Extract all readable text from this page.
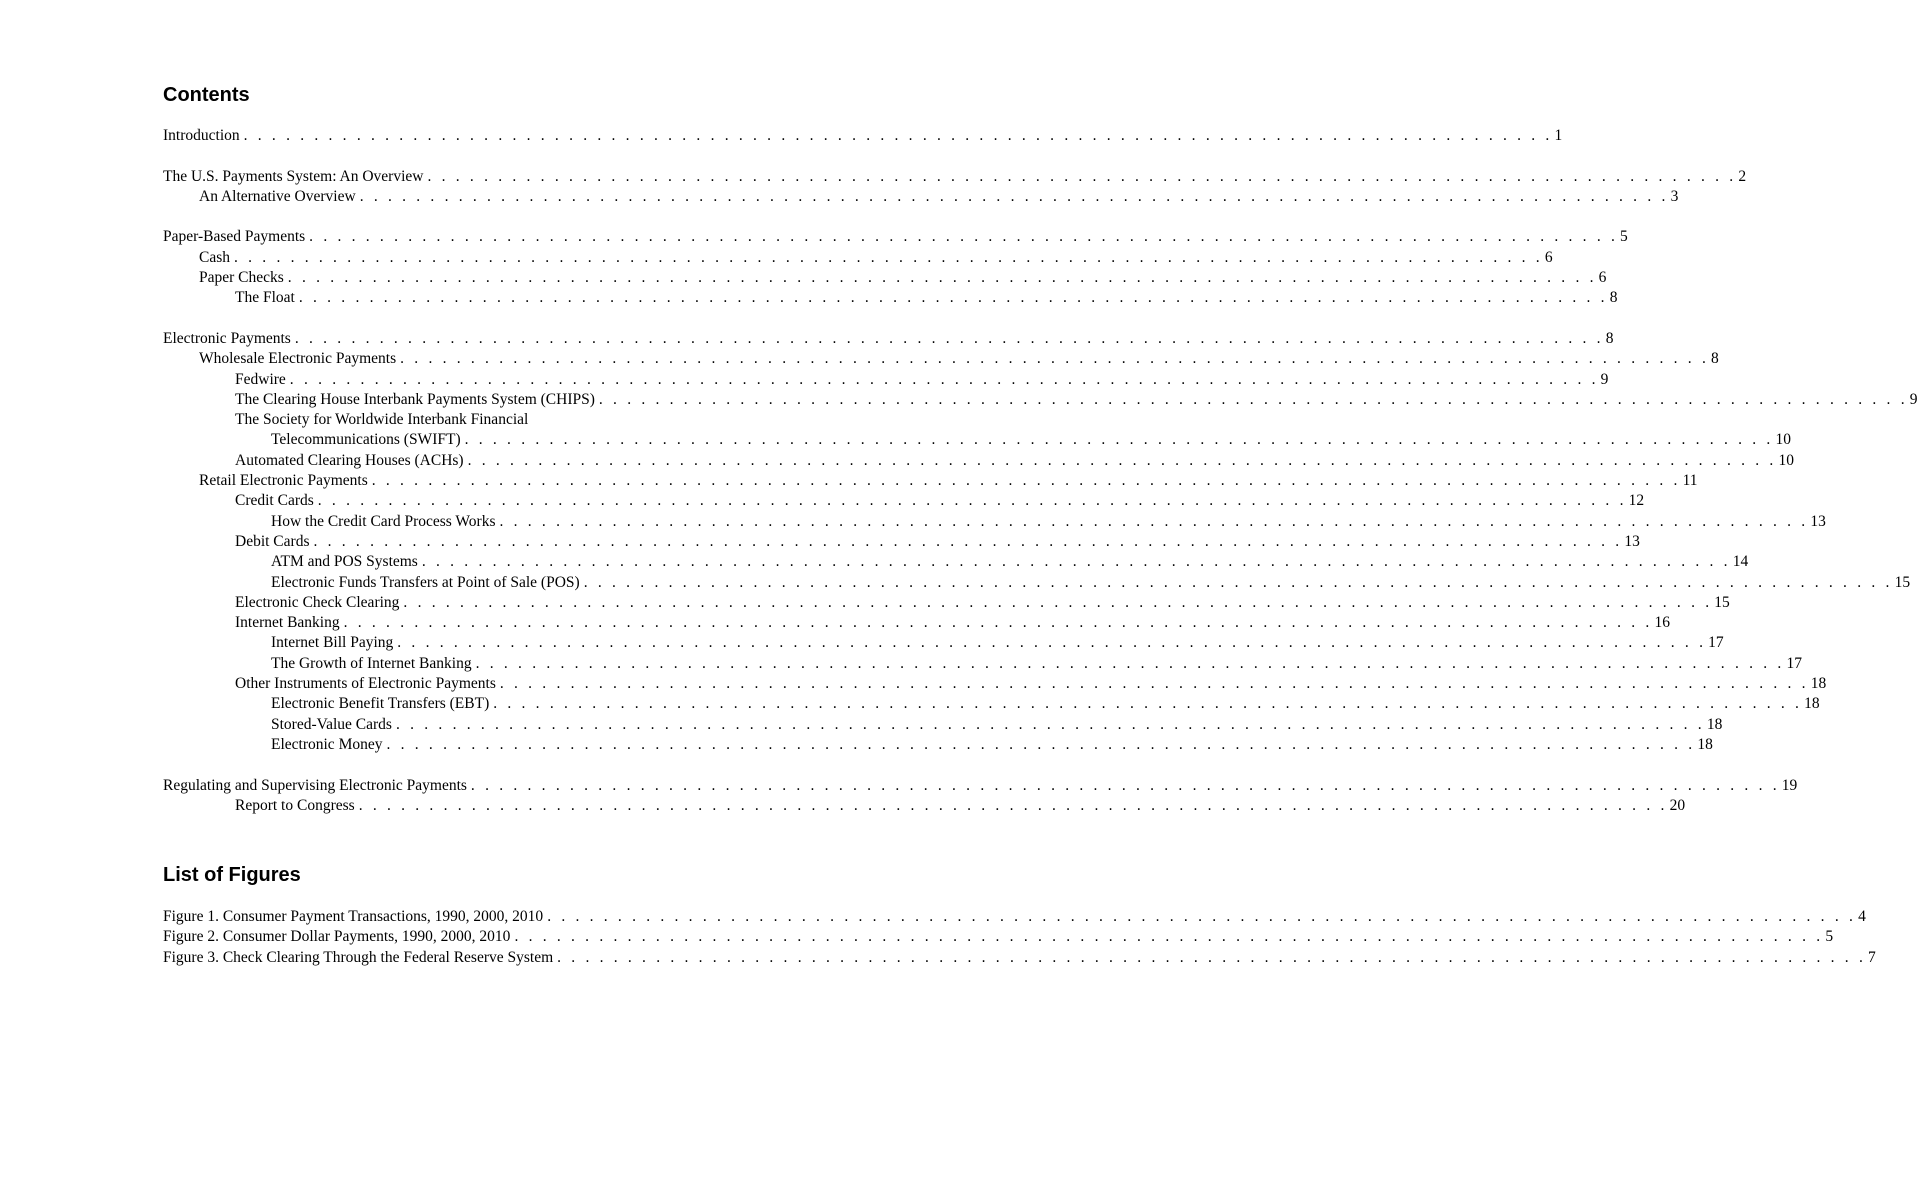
Contents
Introduction . . . . . . . . . . . . . . . . . . . . . . . . . . . . . . . . . . . . . . . . . . . . . . . . . . . . . . . . . . . . . . . . . . . . . . . . . . . . . . . . . . . . . . . . . . . . . 1
The U.S. Payments System: An Overview . . . . . . . . . . . . . . . . . . . . . . . . . . . . . . . . . . . . . . . . . . . . . . . . . . . . . . . . . . . . . . . . . . . . . . . . . . . . . . . . . . . . . . . . . . . . . 2
An Alternative Overview . . . . . . . . . . . . . . . . . . . . . . . . . . . . . . . . . . . . . . . . . . . . . . . . . . . . . . . . . . . . . . . . . . . . . . . . . . . . . . . . . . . . . . . . . . . . . 3
Paper-Based Payments . . . . . . . . . . . . . . . . . . . . . . . . . . . . . . . . . . . . . . . . . . . . . . . . . . . . . . . . . . . . . . . . . . . . . . . . . . . . . . . . . . . . . . . . . . . . . 5
Cash . . . . . . . . . . . . . . . . . . . . . . . . . . . . . . . . . . . . . . . . . . . . . . . . . . . . . . . . . . . . . . . . . . . . . . . . . . . . . . . . . . . . . . . . . . . . . 6
Paper Checks . . . . . . . . . . . . . . . . . . . . . . . . . . . . . . . . . . . . . . . . . . . . . . . . . . . . . . . . . . . . . . . . . . . . . . . . . . . . . . . . . . . . . . . . . . . . . 6
The Float . . . . . . . . . . . . . . . . . . . . . . . . . . . . . . . . . . . . . . . . . . . . . . . . . . . . . . . . . . . . . . . . . . . . . . . . . . . . . . . . . . . . . . . . . . . . . 8
Electronic Payments . . . . . . . . . . . . . . . . . . . . . . . . . . . . . . . . . . . . . . . . . . . . . . . . . . . . . . . . . . . . . . . . . . . . . . . . . . . . . . . . . . . . . . . . . . . . . 8
Wholesale Electronic Payments . . . . . . . . . . . . . . . . . . . . . . . . . . . . . . . . . . . . . . . . . . . . . . . . . . . . . . . . . . . . . . . . . . . . . . . . . . . . . . . . . . . . . . . . . . . . . 8
Fedwire . . . . . . . . . . . . . . . . . . . . . . . . . . . . . . . . . . . . . . . . . . . . . . . . . . . . . . . . . . . . . . . . . . . . . . . . . . . . . . . . . . . . . . . . . . . . . 9
The Clearing House Interbank Payments System (CHIPS) . . . . . . . . . . . . . . . . . . . . . . . . . . . . . . . . . . . . . . . . . . . . . . . . . . . . . . . . . . . . . . . . . . . . . . . . . . . . . . . . . . . . . . . . . . . . . 9
The Society for Worldwide Interbank Financial
Telecommunications (SWIFT) . . . . . . . . . . . . . . . . . . . . . . . . . . . . . . . . . . . . . . . . . . . . . . . . . . . . . . . . . . . . . . . . . . . . . . . . . . . . . . . . . . . . . . . . . . . . . 10
Automated Clearing Houses (ACHs) . . . . . . . . . . . . . . . . . . . . . . . . . . . . . . . . . . . . . . . . . . . . . . . . . . . . . . . . . . . . . . . . . . . . . . . . . . . . . . . . . . . . . . . . . . . . . 10
Retail Electronic Payments . . . . . . . . . . . . . . . . . . . . . . . . . . . . . . . . . . . . . . . . . . . . . . . . . . . . . . . . . . . . . . . . . . . . . . . . . . . . . . . . . . . . . . . . . . . . . 11
Credit Cards . . . . . . . . . . . . . . . . . . . . . . . . . . . . . . . . . . . . . . . . . . . . . . . . . . . . . . . . . . . . . . . . . . . . . . . . . . . . . . . . . . . . . . . . . . . . . 12
How the Credit Card Process Works . . . . . . . . . . . . . . . . . . . . . . . . . . . . . . . . . . . . . . . . . . . . . . . . . . . . . . . . . . . . . . . . . . . . . . . . . . . . . . . . . . . . . . . . . . . . . 13
Debit Cards . . . . . . . . . . . . . . . . . . . . . . . . . . . . . . . . . . . . . . . . . . . . . . . . . . . . . . . . . . . . . . . . . . . . . . . . . . . . . . . . . . . . . . . . . . . . . 13
ATM and POS Systems . . . . . . . . . . . . . . . . . . . . . . . . . . . . . . . . . . . . . . . . . . . . . . . . . . . . . . . . . . . . . . . . . . . . . . . . . . . . . . . . . . . . . . . . . . . . . 14
Electronic Funds Transfers at Point of Sale (POS) . . . . . . . . . . . . . . . . . . . . . . . . . . . . . . . . . . . . . . . . . . . . . . . . . . . . . . . . . . . . . . . . . . . . . . . . . . . . . . . . . . . . . . . . . . . . . 15
Electronic Check Clearing . . . . . . . . . . . . . . . . . . . . . . . . . . . . . . . . . . . . . . . . . . . . . . . . . . . . . . . . . . . . . . . . . . . . . . . . . . . . . . . . . . . . . . . . . . . . . 15
Internet Banking . . . . . . . . . . . . . . . . . . . . . . . . . . . . . . . . . . . . . . . . . . . . . . . . . . . . . . . . . . . . . . . . . . . . . . . . . . . . . . . . . . . . . . . . . . . . . 16
Internet Bill Paying . . . . . . . . . . . . . . . . . . . . . . . . . . . . . . . . . . . . . . . . . . . . . . . . . . . . . . . . . . . . . . . . . . . . . . . . . . . . . . . . . . . . . . . . . . . . . 17
The Growth of Internet Banking . . . . . . . . . . . . . . . . . . . . . . . . . . . . . . . . . . . . . . . . . . . . . . . . . . . . . . . . . . . . . . . . . . . . . . . . . . . . . . . . . . . . . . . . . . . . . 17
Other Instruments of Electronic Payments . . . . . . . . . . . . . . . . . . . . . . . . . . . . . . . . . . . . . . . . . . . . . . . . . . . . . . . . . . . . . . . . . . . . . . . . . . . . . . . . . . . . . . . . . . . . . 18
Electronic Benefit Transfers (EBT) . . . . . . . . . . . . . . . . . . . . . . . . . . . . . . . . . . . . . . . . . . . . . . . . . . . . . . . . . . . . . . . . . . . . . . . . . . . . . . . . . . . . . . . . . . . . . 18
Stored-Value Cards . . . . . . . . . . . . . . . . . . . . . . . . . . . . . . . . . . . . . . . . . . . . . . . . . . . . . . . . . . . . . . . . . . . . . . . . . . . . . . . . . . . . . . . . . . . . . 18
Electronic Money . . . . . . . . . . . . . . . . . . . . . . . . . . . . . . . . . . . . . . . . . . . . . . . . . . . . . . . . . . . . . . . . . . . . . . . . . . . . . . . . . . . . . . . . . . . . . 18
Regulating and Supervising Electronic Payments . . . . . . . . . . . . . . . . . . . . . . . . . . . . . . . . . . . . . . . . . . . . . . . . . . . . . . . . . . . . . . . . . . . . . . . . . . . . . . . . . . . . . . . . . . . . . 19
Report to Congress . . . . . . . . . . . . . . . . . . . . . . . . . . . . . . . . . . . . . . . . . . . . . . . . . . . . . . . . . . . . . . . . . . . . . . . . . . . . . . . . . . . . . . . . . . . . . 20
List of Figures
Figure 1. Consumer Payment Transactions, 1990, 2000, 2010 . . . . . . . . . . . . . . . . . . . . . . . . . . . . . . . . . . . . . . . . . . . . . . . . . . . . . . . . . . . . . . . . . . . . . . . . . . . . . . . . . . . . . . . . . . . . . 4
Figure 2. Consumer Dollar Payments, 1990, 2000, 2010 . . . . . . . . . . . . . . . . . . . . . . . . . . . . . . . . . . . . . . . . . . . . . . . . . . . . . . . . . . . . . . . . . . . . . . . . . . . . . . . . . . . . . . . . . . . . . 5
Figure 3. Check Clearing Through the Federal Reserve System . . . . . . . . . . . . . . . . . . . . . . . . . . . . . . . . . . . . . . . . . . . . . . . . . . . . . . . . . . . . . . . . . . . . . . . . . . . . . . . . . . . . . . . . . . . . . 7
